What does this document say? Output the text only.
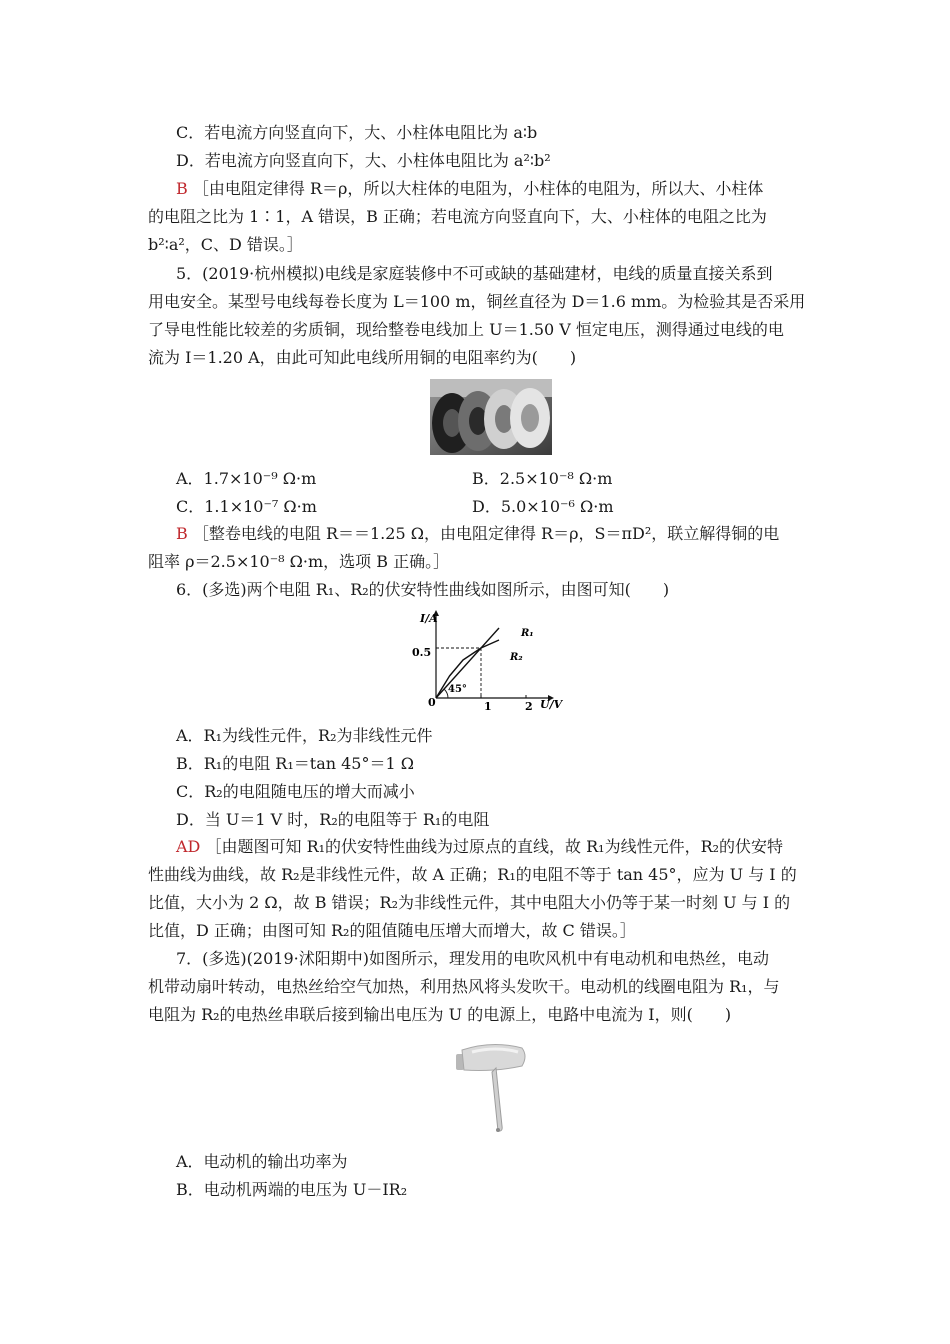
C．若电流方向竖直向下，大、小柱体电阻比为 a∶b
D．若电流方向竖直向下，大、小柱体电阻比为 a²∶b²
B ［由电阻定律得 R＝ρ，所以大柱体的电阻为，小柱体的电阻为，所以大、小柱体
的电阻之比为 1∶1，A 错误，B 正确；若电流方向竖直向下，大、小柱体的电阻之比为
b²∶a²，C、D 错误。］
5．(2019·杭州模拟)电线是家庭装修中不可或缺的基础建材，电线的质量直接关系到
用电安全。某型号电线每卷长度为 L＝100 m，铜丝直径为 D＝1.6 mm。为检验其是否采用
了导电性能比较差的劣质铜，现给整卷电线加上 U＝1.50 V 恒定电压，测得通过电线的电
流为 I＝1.20 A，由此可知此电线所用铜的电阻率约为(　　)
A．1.7×10⁻⁹ Ω·m	B．2.5×10⁻⁸ Ω·m
C．1.1×10⁻⁷ Ω·m	D．5.0×10⁻⁶ Ω·m
B ［整卷电线的电阻 R＝＝1.25 Ω，由电阻定律得 R＝ρ，S＝πD²，联立解得铜的电
阻率 ρ＝2.5×10⁻⁸ Ω·m，选项 B 正确。］
6．(多选)两个电阻 R₁、R₂的伏安特性曲线如图所示，由图可知(　　)
I/A
U/V
0
0.5
1	2
45°
R₁
R₂
A．R₁为线性元件，R₂为非线性元件
B．R₁的电阻 R₁＝tan 45°＝1 Ω
C．R₂的电阻随电压的增大而减小
D．当 U＝1 V 时，R₂的电阻等于 R₁的电阻
AD ［由题图可知 R₁的伏安特性曲线为过原点的直线，故 R₁为线性元件，R₂的伏安特
性曲线为曲线，故 R₂是非线性元件，故 A 正确；R₁的电阻不等于 tan 45°，应为 U 与 I 的
比值，大小为 2 Ω，故 B 错误；R₂为非线性元件，其中电阻大小仍等于某一时刻 U 与 I 的
比值，D 正确；由图可知 R₂的阻值随电压增大而增大，故 C 错误。］
7．(多选)(2019·沭阳期中)如图所示，理发用的电吹风机中有电动机和电热丝，电动
机带动扇叶转动，电热丝给空气加热，利用热风将头发吹干。电动机的线圈电阻为 R₁，与
电阻为 R₂的电热丝串联后接到输出电压为 U 的电源上，电路中电流为 I，则(　　)
A．电动机的输出功率为
B．电动机两端的电压为 U－IR₂
